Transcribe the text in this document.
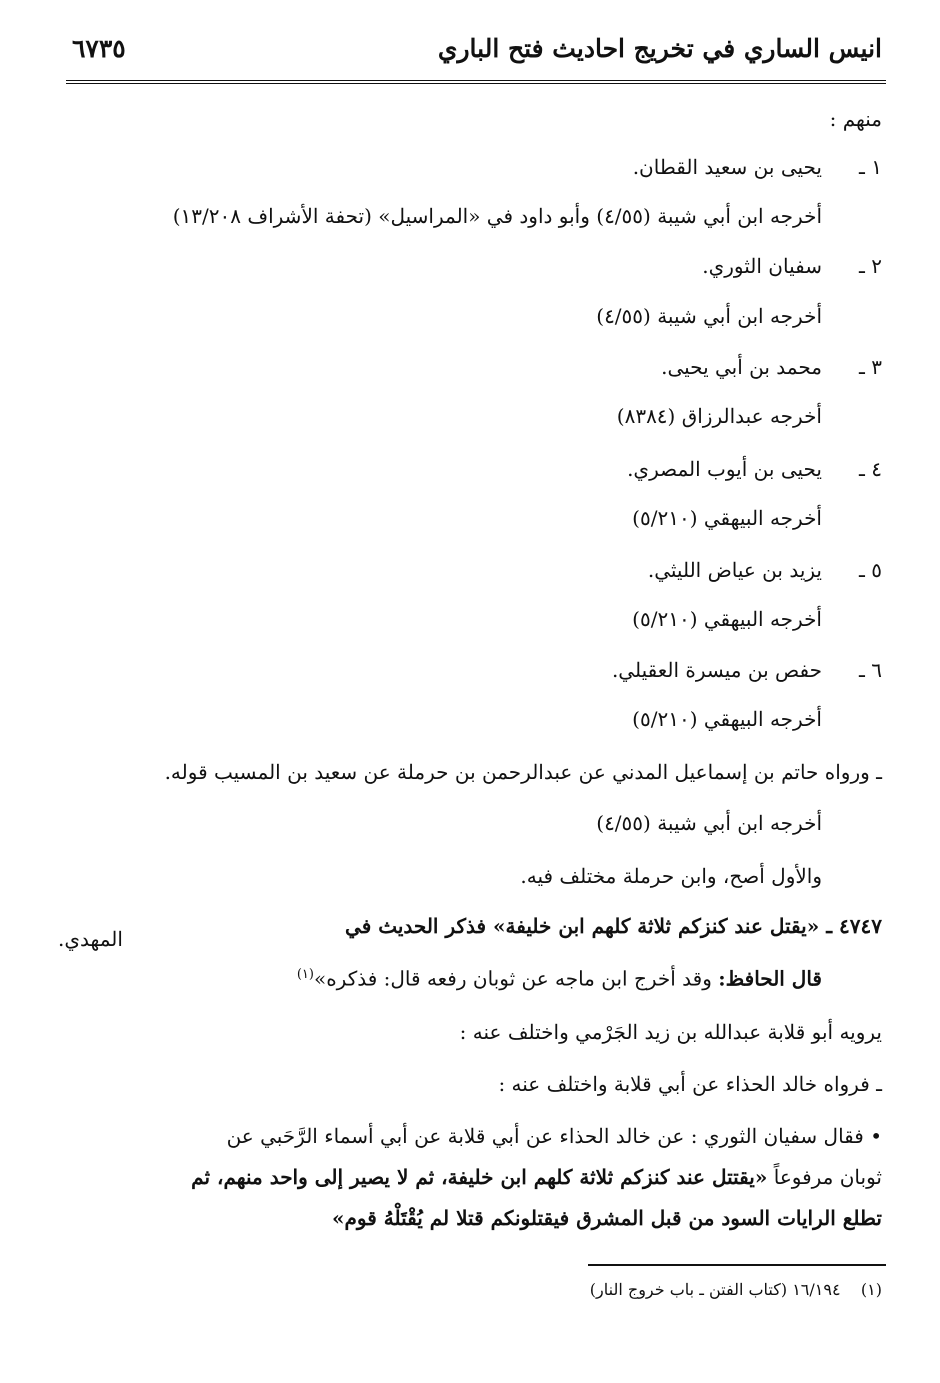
انيس الساري في تخريج احاديث فتح الباري
٦٧٣٥
منهم :
١ ـ
يحيى بن سعيد القطان.
أخرجه ابن أبي شيبة (٤/٥٥) وأبو داود في «المراسيل» (تحفة الأشراف ١٣/٢٠٨)
٢ ـ
سفيان الثوري.
أخرجه ابن أبي شيبة (٤/٥٥)
٣ ـ
محمد بن أبي يحيى.
أخرجه عبدالرزاق (٨٣٨٤)
٤ ـ
يحيى بن أيوب المصري.
أخرجه البيهقي (٥/٢١٠)
٥ ـ
يزيد بن عياض الليثي.
أخرجه البيهقي (٥/٢١٠)
٦ ـ
حفص بن ميسرة العقيلي.
أخرجه البيهقي (٥/٢١٠)
ـ ورواه حاتم بن إسماعيل المدني عن عبدالرحمن بن حرملة عن سعيد بن المسيب قوله.
أخرجه ابن أبي شيبة (٤/٥٥)
والأول أصح، وابن حرملة مختلف فيه.
٤٧٤٧ ـ «يقتل عند كنزكم ثلاثة كلهم ابن خليفة» فذكر الحديث في
المهدي.
قال الحافظ: وقد أخرج ابن ماجه عن ثوبان رفعه قال: فذكره»$^{(١)}$
يرويه أبو قلابة عبدالله بن زيد الجَرْمي واختلف عنه :
ـ فرواه خالد الحذاء عن أبي قلابة واختلف عنه :
• فقال سفيان الثوري : عن خالد الحذاء عن أبي قلابة عن أبي أسماء الرَّحَبي عن
ثوبان مرفوعاً «يقتتل عند كنزكم ثلاثة كلهم ابن خليفة، ثم لا يصير إلى واحد منهم، ثم
تطلع الرايات السود من قبل المشرق فيقتلونكم قتلا لم يُقْتَلْهُ قوم»
(١)    ١٦/١٩٤ (كتاب الفتن ـ باب خروج النار)
